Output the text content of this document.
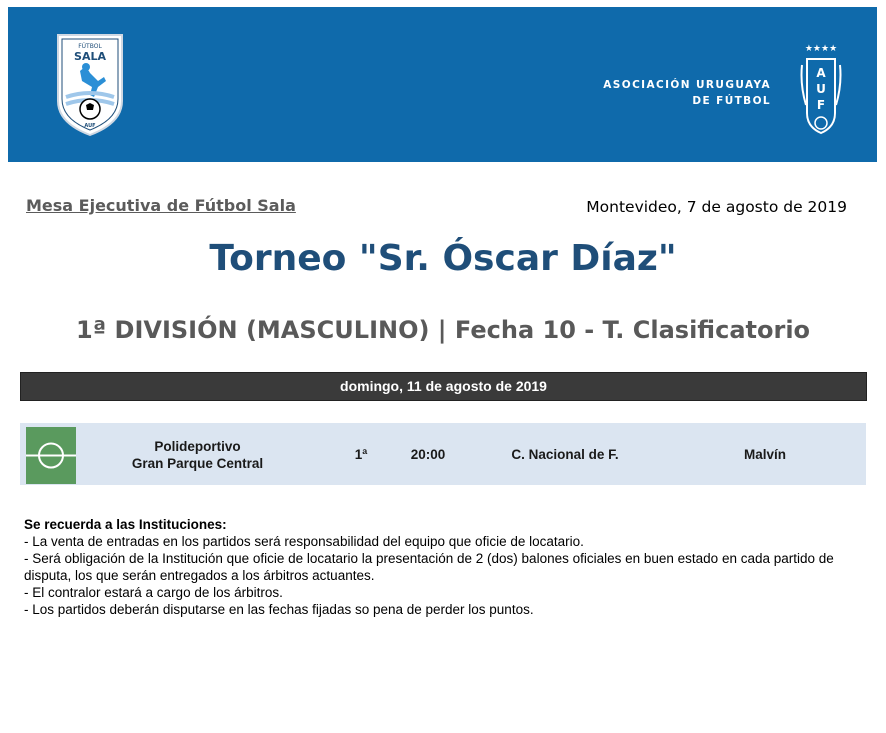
FÚTBOL
SALA
AUF
ASOCIACIÓN URUGUAYA
DE FÚTBOL
★★★★
A
U
F
Mesa Ejecutiva de Fútbol Sala	Montevideo, 7 de agosto de 2019
Torneo "Sr. Óscar Díaz"
1ª DIVISIÓN (MASCULINO) | Fecha 10 - T. Clasificatorio
domingo, 11 de agosto de 2019
Polideportivo
Gran Parque Central
1ª	20:00	C. Nacional de F.	Malvín

Se recuerda a las Instituciones:

- La venta de entradas en los partidos será responsabilidad del equipo que oficie de locatario.

- Será obligación de la Institución que oficie de locatario la presentación de 2 (dos) balones oficiales en buen estado en cada partido de disputa, los que serán entregados a los árbitros actuantes.

- El contralor estará a cargo de los árbitros.

- Los partidos deberán disputarse en las fechas fijadas so pena de perder los puntos.
